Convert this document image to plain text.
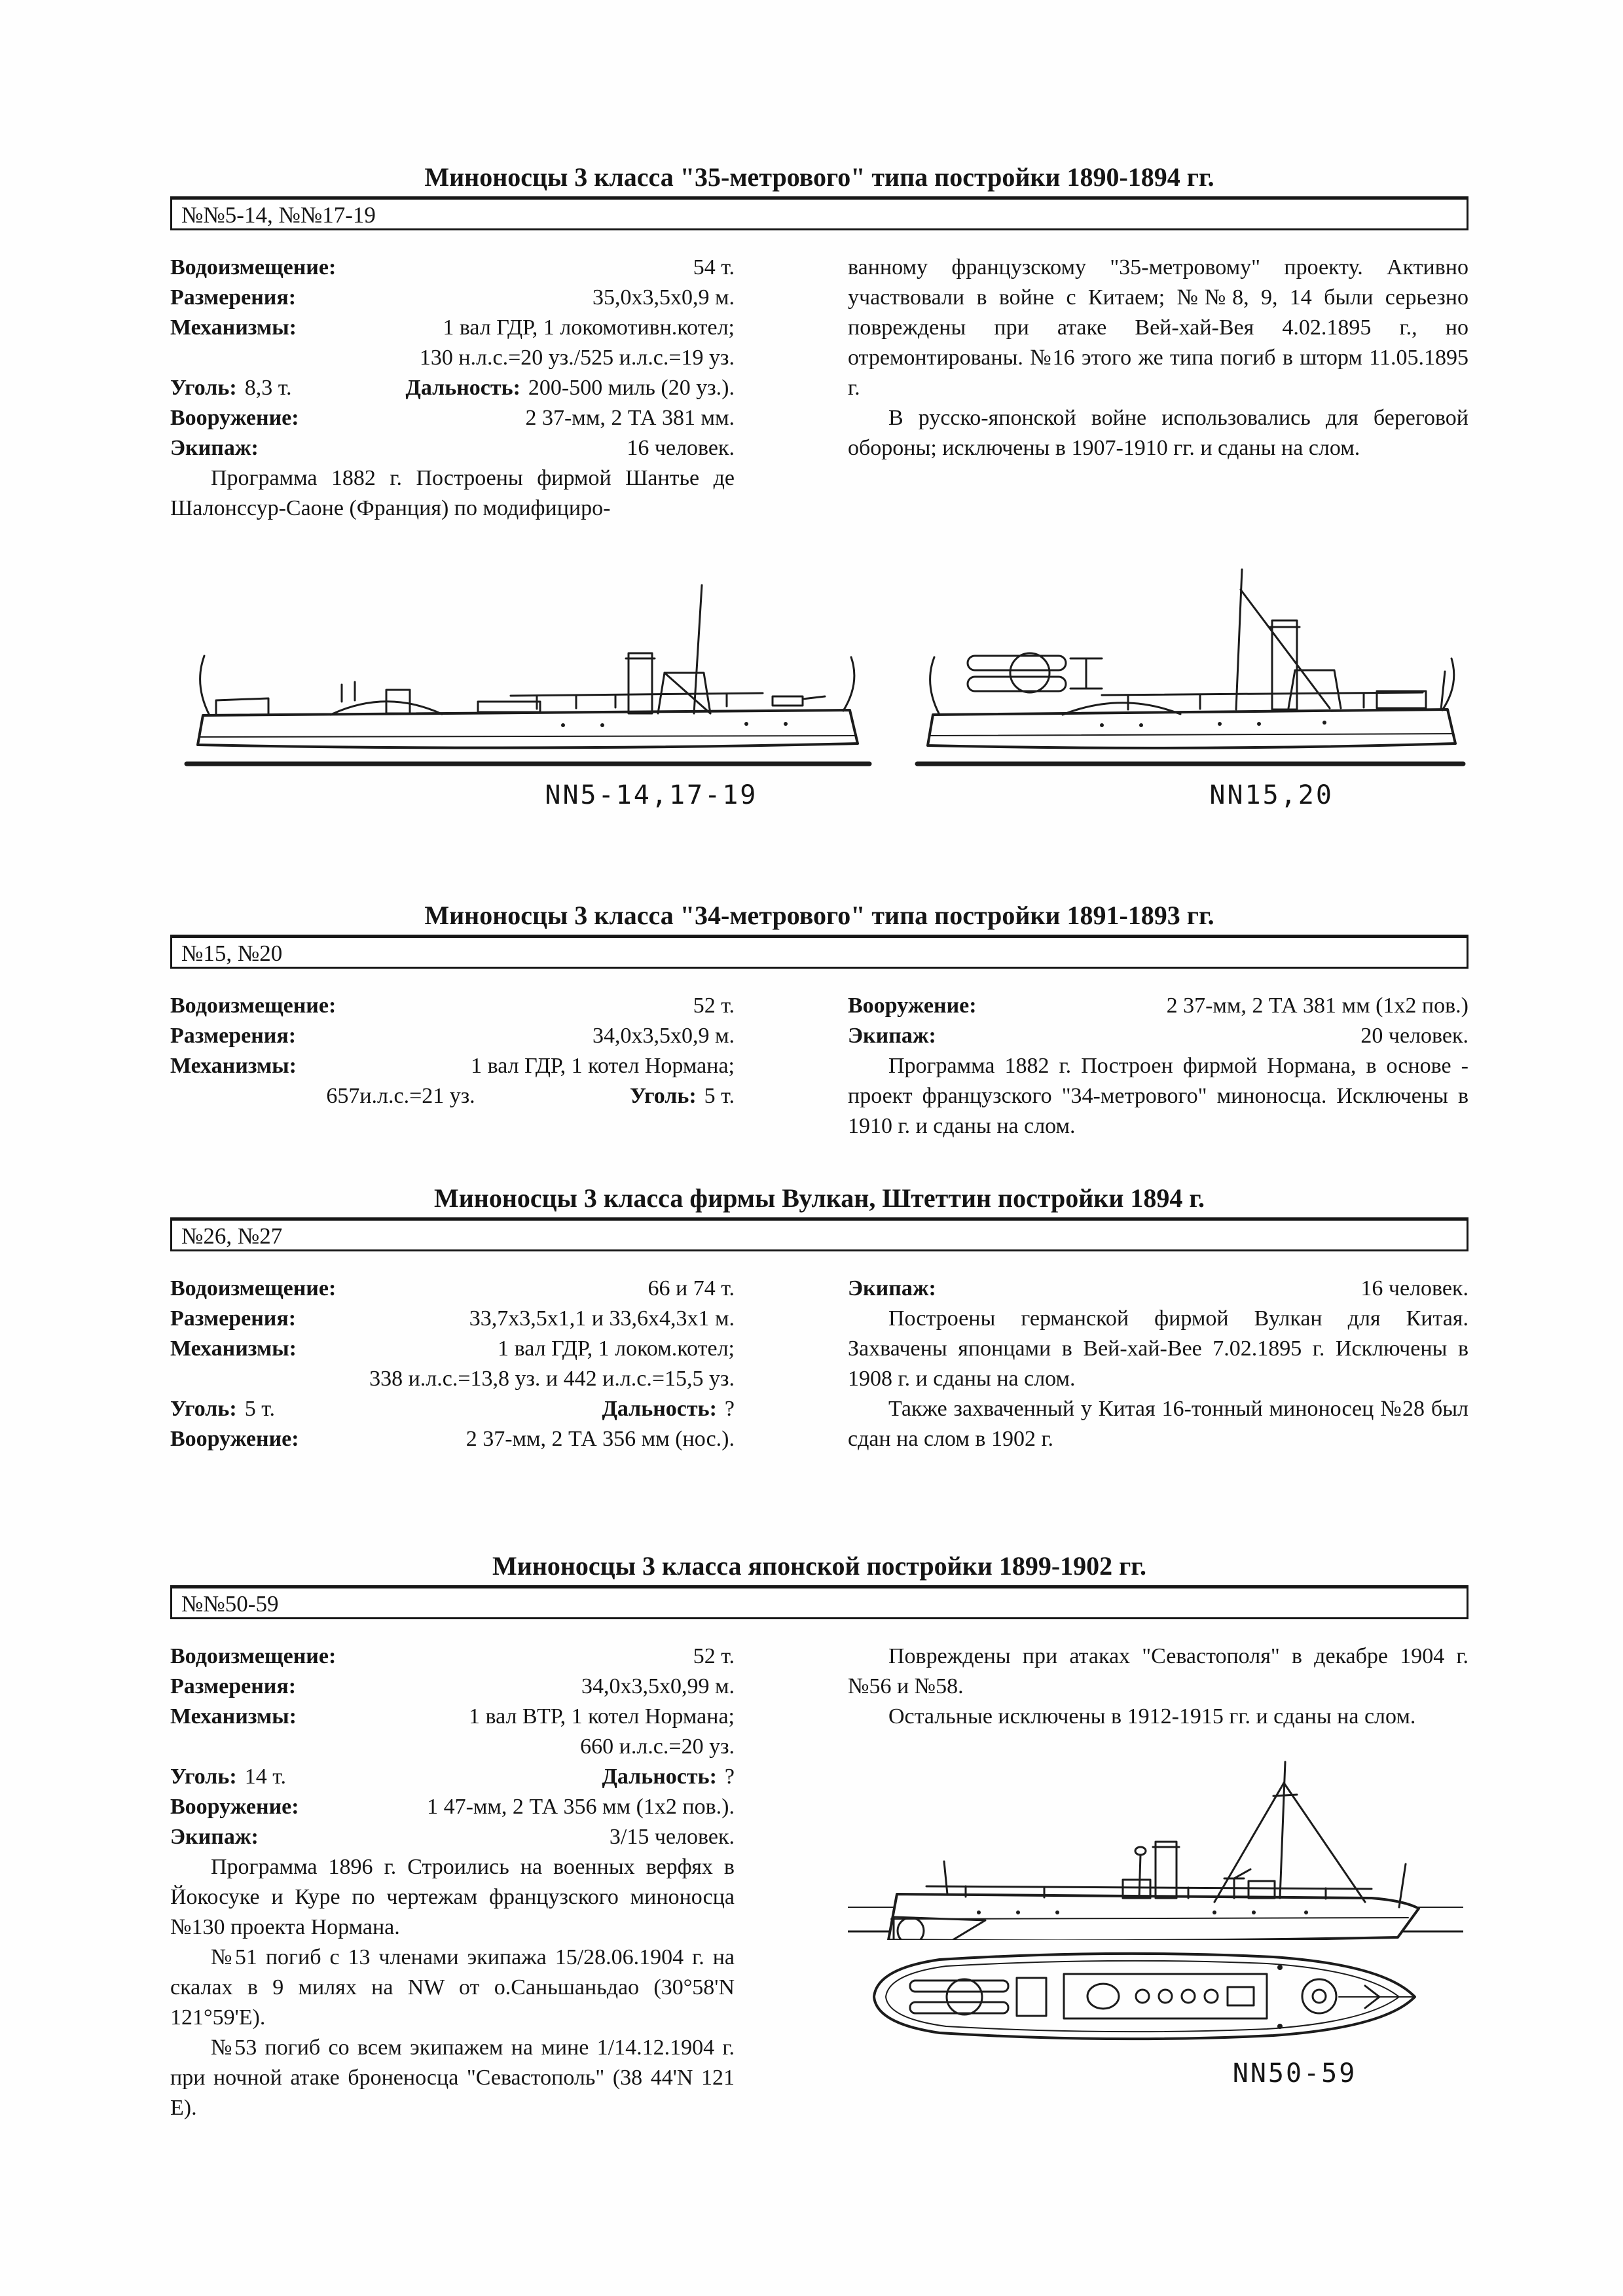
Миноносцы 3 класса "35-метрового" типа постройки 1890-1894 гг.
№№5-14, №№17-19
Водоизмещение:	54 т.
Размерения:	35,0x3,5x0,9 м.
Механизмы:	1 вал ГДР, 1 локомотивн.котел;
130 н.л.с.=20 уз./525 и.л.с.=19 уз.
Уголь: 8,3 т.	Дальность: 200-500 миль (20 уз.).
Вооружение:	2 37-мм, 2 ТА 381 мм.
Экипаж:	16 человек.

Программа 1882 г. Построены фирмой Шантье де Шалонссур-Саоне (Франция) по модифициро-

ванному французскому "35-метровому" проекту. Активно участвовали в войне с Китаем; №№8, 9, 14 были серьезно повреждены при атаке Вей-хай-Вея 4.02.1895 г., но отремонтированы. №16 этого же типа погиб в шторм 11.05.1895 г.

В русско-японской войне использовались для береговой обороны; исключены в 1907-1910 гг. и сданы на слом.

NN5-14,17-19	NN15,20
Миноносцы 3 класса "34-метрового" типа постройки 1891-1893 гг.
№15, №20
Водоизмещение:	52 т.
Размерения:	34,0x3,5x0,9 м.
Механизмы:	1 вал ГДР, 1 котел Нормана;
657и.л.с.=21 уз.	Уголь: 5 т.
Вооружение:	2 37-мм, 2 ТА 381 мм (1x2 пов.)
Экипаж:	20 человек.

Программа 1882 г. Построен фирмой Нормана, в основе - проект французского "34-метрового" миноносца. Исключены в 1910 г. и сданы на слом.

Миноносцы 3 класса фирмы Вулкан, Штеттин постройки 1894 г.
№26, №27
Водоизмещение:	66 и 74 т.
Размерения:	33,7x3,5x1,1 и 33,6x4,3x1 м.
Механизмы:	1 вал ГДР, 1 локом.котел;
338 и.л.с.=13,8 уз. и 442 и.л.с.=15,5 уз.
Уголь: 5 т.	Дальность: ?
Вооружение:	2 37-мм, 2 ТА 356 мм (нос.).
Экипаж:	16 человек.

Построены германской фирмой Вулкан для Китая. Захвачены японцами в Вей-хай-Вее 7.02.1895 г. Исключены в 1908 г. и сданы на слом.

Также захваченный у Китая 16-тонный миноносец №28 был сдан на слом в 1902 г.

Миноносцы 3 класса японской постройки 1899-1902 гг.
№№50-59
Водоизмещение:	52 т.
Размерения:	34,0x3,5x0,99 м.
Механизмы:	1 вал ВТР, 1 котел Нормана;
660 и.л.с.=20 уз.
Уголь: 14 т.	Дальность: ?
Вооружение:	1 47-мм, 2 ТА 356 мм (1x2 пов.).
Экипаж:	3/15 человек.

Программа 1896 г. Строились на военных верфях в Йокосуке и Куре по чертежам французского миноносца №130 проекта Нормана.

№51 погиб с 13 членами экипажа 15/28.06.1904 г. на скалах в 9 милях на NW от о.Саньшаньдао (30°58'N 121°59'E).

№53 погиб со всем экипажем на мине 1/14.12.1904 г. при ночной атаке броненосца "Севастополь" (38 44'N 121 E).

Повреждены при атаках "Севастополя" в декабре 1904 г. №56 и №58.

Остальные исключены в 1912-1915 гг. и сданы на слом.

NN50-59
